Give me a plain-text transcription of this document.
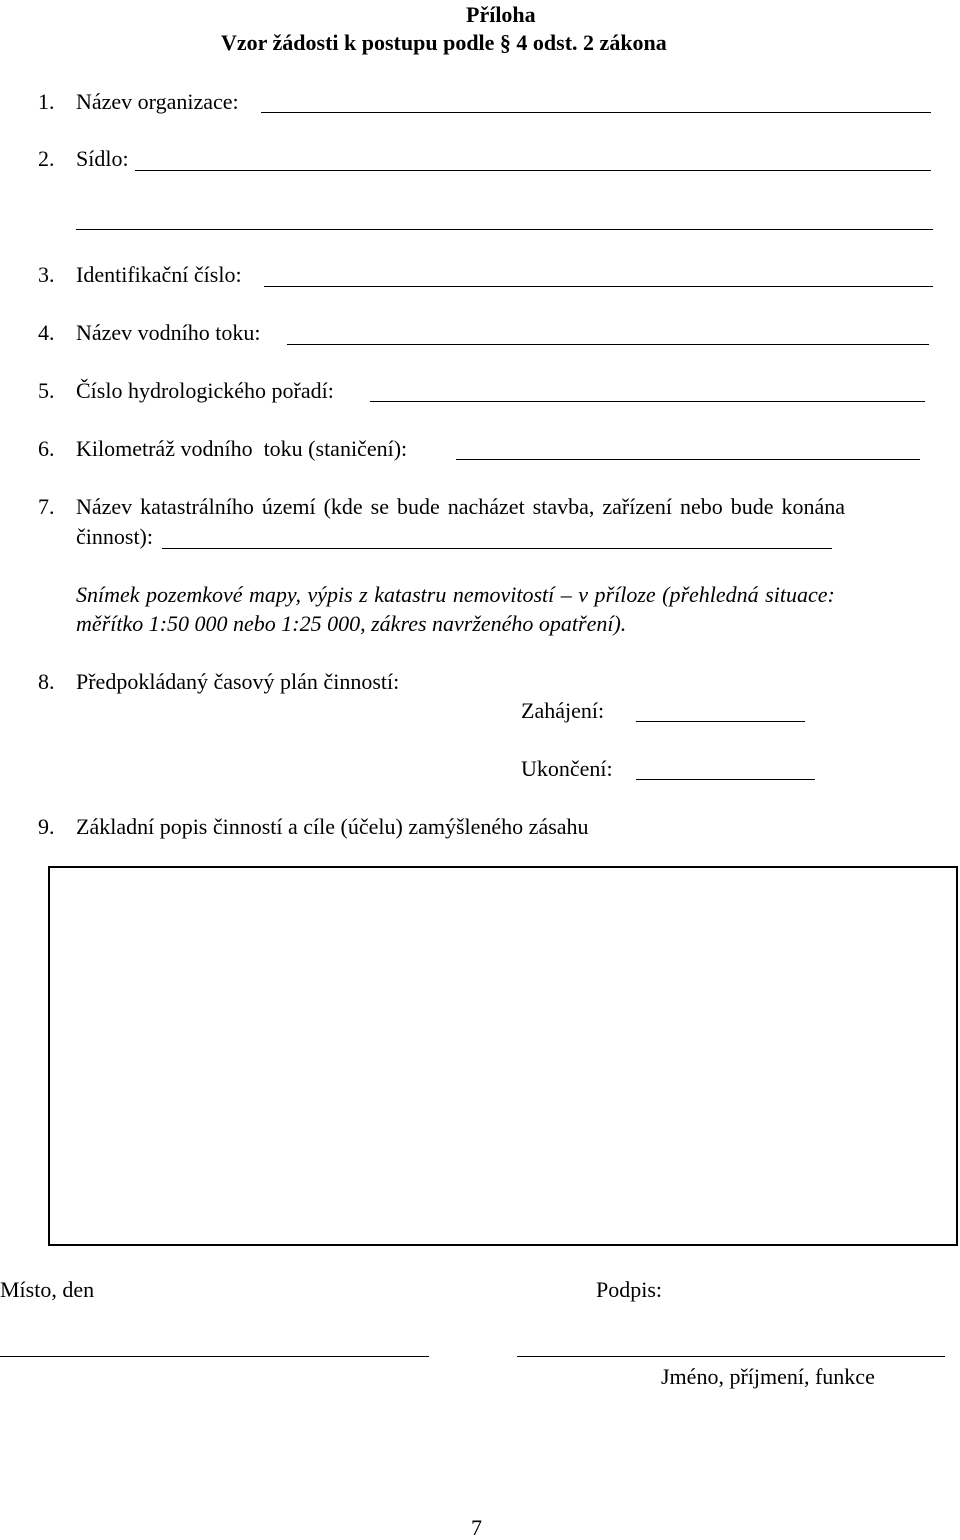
Příloha
Vzor žádosti k postupu podle § 4 odst. 2 zákona
1. Název organizace:
2. Sídlo:
3. Identifikační číslo:
4. Název vodního toku:
5. Číslo hydrologického pořadí:
6. Kilometráž vodního  toku (staničení):
7. Název katastrálního území (kde se bude nacházet stavba, zařízení nebo bude konána
činnost):
Snímek pozemkové mapy, výpis z katastru nemovitostí – v příloze (přehledná situace:
měřítko 1:50 000 nebo 1:25 000, zákres navrženého opatření).
8. Předpokládaný časový plán činností:
Zahájení:
Ukončení:
9. Základní popis činností a cíle (účelu) zamýšleného zásahu
Místo, den	Podpis:
Jméno, příjmení, funkce
7
